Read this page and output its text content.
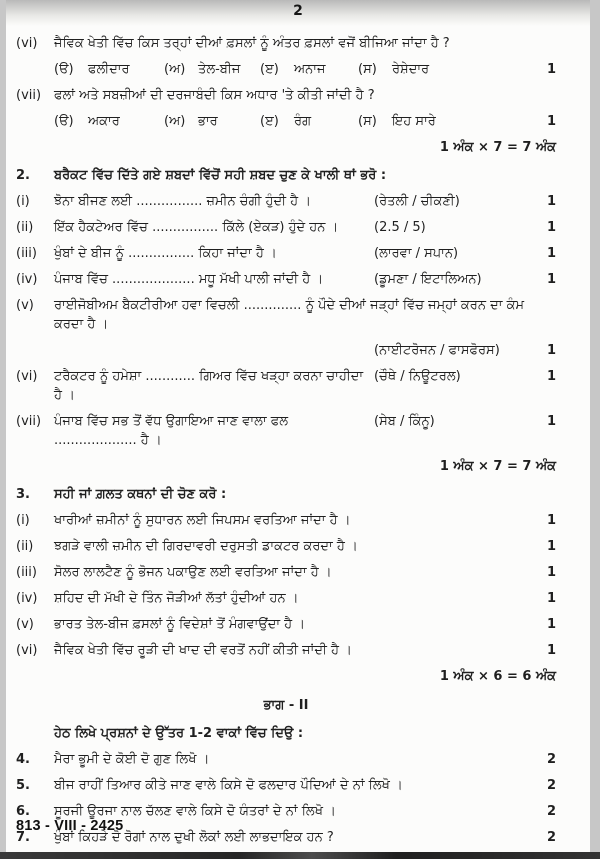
2
(vi)	ਜੈਵਿਕ ਖੇਤੀ ਵਿੱਚ ਕਿਸ ਤਰ੍ਹਾਂ ਦੀਆਂ ਫ਼ਸਲਾਂ ਨੂੰ ਅੰਤਰ ਫ਼ਸਲਾਂ ਵਜੋਂ ਬੀਜਿਆ ਜਾਂਦਾ ਹੈ ?
(ੳ)	ਫਲੀਦਾਰ	(ਅ) ਤੇਲ-ਬੀਜ	(ੲ)	ਅਨਾਜ	(ਸ)	ਰੇਸ਼ੇਦਾਰ	1
(vii) ਫਲਾਂ ਅਤੇ ਸਬਜ਼ੀਆਂ ਦੀ ਦਰਜਾਬੰਦੀ ਕਿਸ ਅਧਾਰ 'ਤੇ ਕੀਤੀ ਜਾਂਦੀ ਹੈ ?
(ੳ)	ਅਕਾਰ	(ਅ) ਭਾਰ	(ੲ)	ਰੰਗ	(ਸ)	ਇਹ ਸਾਰੇ	1
1 ਅੰਕ × 7 = 7 ਅੰਕ
2.	ਬਰੈਕਟ ਵਿੱਚ ਦਿੱਤੇ ਗਏ ਸ਼ਬਦਾਂ ਵਿੱਚੋਂ ਸਹੀ ਸ਼ਬਦ ਚੁਣ ਕੇ ਖਾਲੀ ਥਾਂ ਭਰੋ :
(i)	ਝੋਨਾ ਬੀਜਣ ਲਈ ................ ਜ਼ਮੀਨ ਚੰਗੀ ਹੁੰਦੀ ਹੈ ।	(ਰੇਤਲੀ / ਚੀਕਣੀ)	1
(ii)	ਇੱਕ ਹੈਕਟੇਅਰ ਵਿੱਚ ................ ਕਿੱਲੇ (ਏਕੜ) ਹੁੰਦੇ ਹਨ ।	(2.5 / 5)	1
(iii)	ਖੁੰਬਾਂ ਦੇ ਬੀਜ ਨੂੰ ................ ਕਿਹਾ ਜਾਂਦਾ ਹੈ ।	(ਲਾਰਵਾ / ਸਪਾਨ)	1
(iv)	ਪੰਜਾਬ ਵਿੱਚ .................... ਮਧੂ ਮੱਖੀ ਪਾਲੀ ਜਾਂਦੀ ਹੈ ।	(ਡੂਮਣਾ / ਇਟਾਲਿਅਨ)	1
(v)	ਰਾਈਜੋਬੀਅਮ ਬੈਕਟੀਰੀਆ ਹਵਾ ਵਿਚਲੀ .............. ਨੂੰ ਪੌਦੇ ਦੀਆਂ ਜੜ੍ਹਾਂ ਵਿੱਚ ਜਮ੍ਹਾਂ ਕਰਨ ਦਾ ਕੰਮ ਕਰਦਾ ਹੈ ।
(ਨਾਈਟਰੋਜਨ / ਫਾਸਫੋਰਸ)	1
(vi)	ਟਰੈਕਟਰ ਨੂੰ ਹਮੇਸ਼ਾ ............ ਗਿਅਰ ਵਿੱਚ ਖੜ੍ਹਾ ਕਰਨਾ ਚਾਹੀਦਾ ਹੈ ।
(ਚੌਥੇ / ਨਿਊਟਰਲ)	1
(vii) ਪੰਜਾਬ ਵਿੱਚ ਸਭ ਤੋਂ ਵੱਧ ਉਗਾਇਆ ਜਾਣ ਵਾਲਾ ਫਲ .................... ਹੈ ।
(ਸੇਬ / ਕਿੰਨੂ)	1
1 ਅੰਕ × 7 = 7 ਅੰਕ
3.	ਸਹੀ ਜਾਂ ਗ਼ਲਤ ਕਥਨਾਂ ਦੀ ਚੋਣ ਕਰੋ :
(i)	ਖਾਰੀਆਂ ਜ਼ਮੀਨਾਂ ਨੂੰ ਸੁਧਾਰਨ ਲਈ ਜਿਪਸਮ ਵਰਤਿਆ ਜਾਂਦਾ ਹੈ ।	1
(ii)	ਝਗੜੇ ਵਾਲੀ ਜ਼ਮੀਨ ਦੀ ਗਿਰਦਾਵਰੀ ਦਰੁਸਤੀ ਡਾਕਟਰ ਕਰਦਾ ਹੈ ।	1
(iii)	ਸੋਲਰ ਲਾਲਟੈਣ ਨੂੰ ਭੋਜਨ ਪਕਾਉਣ ਲਈ ਵਰਤਿਆ ਜਾਂਦਾ ਹੈ ।	1
(iv)	ਸ਼ਹਿਦ ਦੀ ਮੱਖੀ ਦੇ ਤਿੰਨ ਜੋੜੀਆਂ ਲੱਤਾਂ ਹੁੰਦੀਆਂ ਹਨ ।	1
(v)	ਭਾਰਤ ਤੇਲ-ਬੀਜ ਫ਼ਸਲਾਂ ਨੂੰ ਵਿਦੇਸ਼ਾਂ ਤੋਂ ਮੰਗਵਾਉਂਦਾ ਹੈ ।	1
(vi)	ਜੈਵਿਕ ਖੇਤੀ ਵਿੱਚ ਰੂੜੀ ਦੀ ਖਾਦ ਦੀ ਵਰਤੋਂ ਨਹੀਂ ਕੀਤੀ ਜਾਂਦੀ ਹੈ ।	1
1 ਅੰਕ × 6 = 6 ਅੰਕ
ਭਾਗ - II
ਹੇਠ ਲਿਖੇ ਪ੍ਰਸ਼ਨਾਂ ਦੇ ਉੱਤਰ 1-2 ਵਾਕਾਂ ਵਿੱਚ ਦਿਉ :
4.	ਮੈਰਾ ਭੂਮੀ ਦੇ ਕੋਈ ਦੋ ਗੁਣ ਲਿਖੋ ।	2
5.	ਬੀਜ ਰਾਹੀਂ ਤਿਆਰ ਕੀਤੇ ਜਾਣ ਵਾਲੇ ਕਿਸੇ ਦੋ ਫਲਦਾਰ ਪੌਦਿਆਂ ਦੇ ਨਾਂ ਲਿਖੋ ।	2
6.	ਸੂਰਜੀ ਊਰਜਾ ਨਾਲ ਚੱਲਣ ਵਾਲੇ ਕਿਸੇ ਦੋ ਯੰਤਰਾਂ ਦੇ ਨਾਂ ਲਿਖੋ ।	2
7.	ਖੁੰਬਾਂ ਕਿਹੜੇ ਦੋ ਰੋਗਾਂ ਨਾਲ ਦੁਖੀ ਲੋਕਾਂ ਲਈ ਲਾਭਦਾਇਕ ਹਨ ?	2
813 - VIII - 2425
